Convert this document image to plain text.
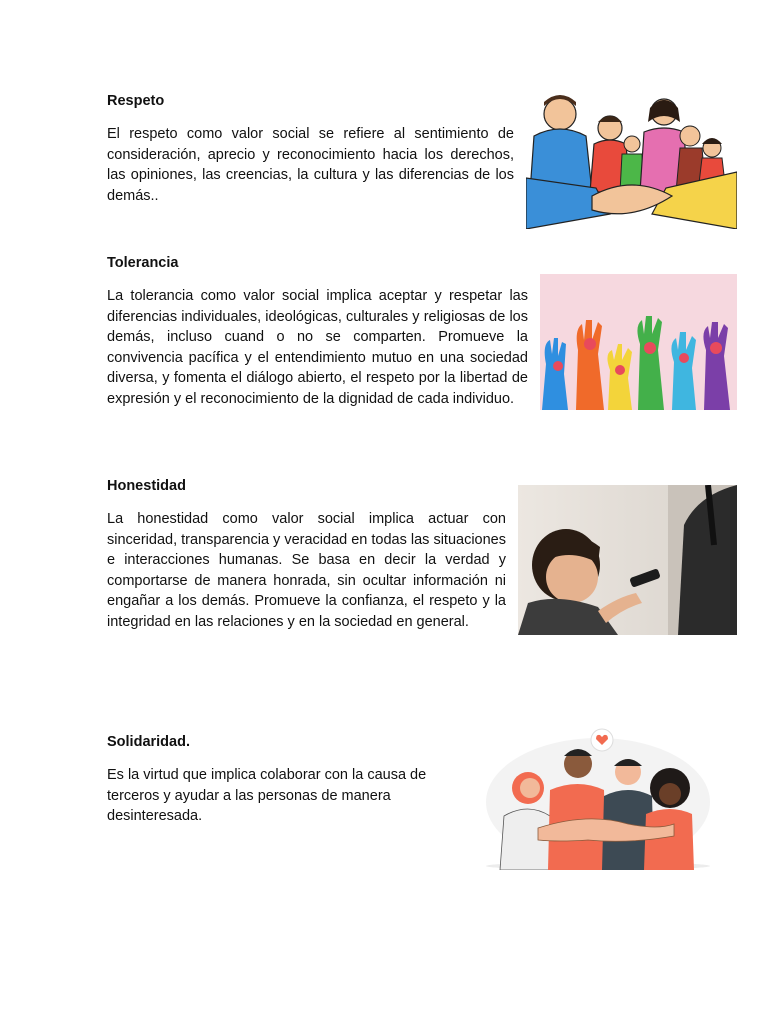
Respeto

El respeto como valor social se refiere al sentimiento de consideración, aprecio y reconocimiento hacia los derechos, las opiniones, las creencias, la cultura y las diferencias de los demás..

Tolerancia

La tolerancia como valor social implica aceptar y respetar las diferencias individuales, ideológicas, culturales y religiosas de los demás, incluso cuand o no se comparten. Promueve la convivencia pacífica y el entendimiento mutuo en una sociedad diversa, y fomenta el diálogo abierto, el respeto por la libertad de expresión y el reconocimiento de la dignidad de cada individuo.

Honestidad

La honestidad como valor social implica actuar con sinceridad, transparencia y veracidad en todas las situaciones e interacciones humanas. Se basa en decir la verdad y comportarse de manera honrada, sin ocultar información ni engañar a los demás. Promueve la confianza, el respeto y la integridad en las relaciones y en la sociedad en general.

Solidaridad.

Es la virtud que implica colaborar con la causa de terceros y ayudar a las personas de manera desinteresada.
